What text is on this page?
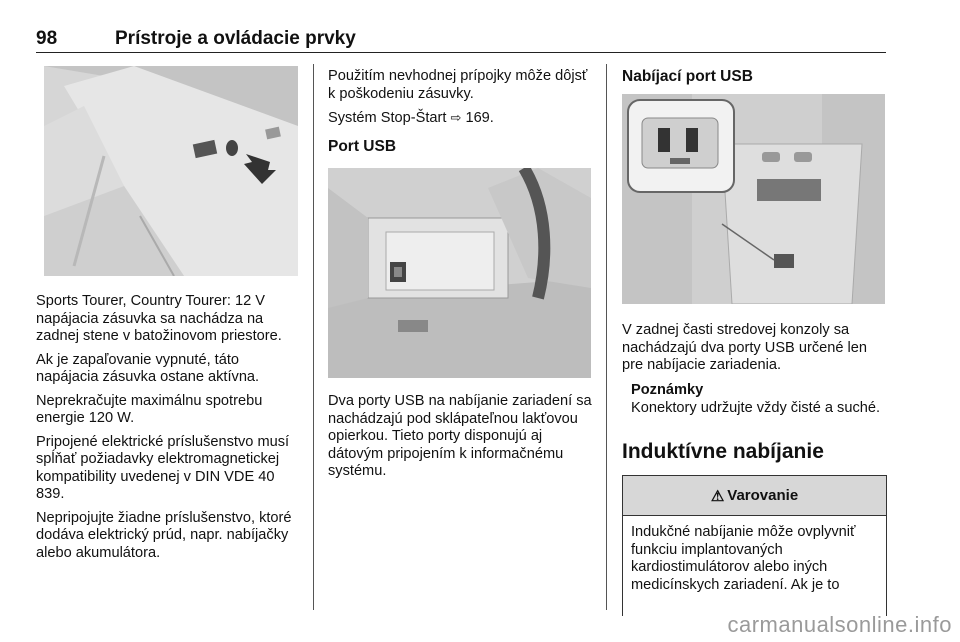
98	Prístroje a ovládacie prvky

Sports Tourer, Country Tourer: 12 V napájacia zásuvka sa nachádza na zadnej stene v batožinovom priestore.

Ak je zapaľovanie vypnuté, táto napájacia zásuvka ostane aktívna.

Neprekračujte maximálnu spotrebu energie 120 W.

Pripojené elektrické príslušenstvo musí spĺňať požiadavky elektromagnetickej kompatibility uvedenej v DIN VDE 40 839.

Nepripojujte žiadne príslušenstvo, ktoré dodáva elektrický prúd, napr. nabíjačky alebo akumulátora.

Použitím nevhodnej prípojky môže dôjsť k poškodeniu zásuvky.

Systém Stop-Štart ⇨ 169.

Port USB

Dva porty USB na nabíjanie zariadení sa nachádzajú pod sklápateľnou lakťovou opierkou. Tieto porty disponujú aj dátovým pripojením k informačnému systému.

Nabíjací port USB

V zadnej časti stredovej konzoly sa nachádzajú dva porty USB určené len pre nabíjacie zariadenia.

Poznámky
Konektory udržujte vždy čisté a suché.
Induktívne nabíjanie
⚠ Varovanie
Indukčné nabíjanie môže ovplyvniť funkciu implantovaných kardiostimulátorov alebo iných medicínskych zariadení. Ak je to
carmanualsonline.info
